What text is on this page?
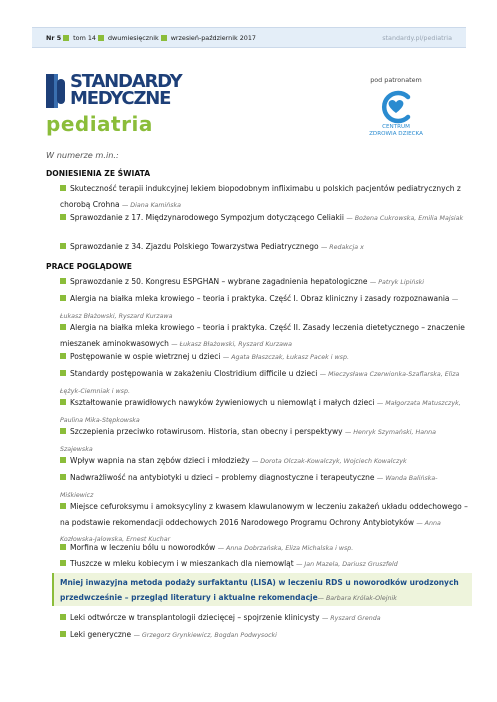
Nr 5 tom 14 dwumiesięcznik wrzesień-październik 2017	standardy.pl/pediatria
STANDARDY
MEDYCZNE
pediatria
pod patronatem
CENTRUM
ZDROWIA DZIECKA
W numerze m.in.:
DONIESIENIA ZE ŚWIATA
Skuteczność terapii indukcyjnej lekiem biopodobnym infliximabu u polskich pacjentów pediatrycznych z chorobą Crohna — Diana Kamińska
Sprawozdanie z 17. Międzynarodowego Sympozjum dotyczącego Celiakii — Bożena Cukrowska, Emilia Majsiak
Sprawozdanie z 34. Zjazdu Polskiego Towarzystwa Pediatrycznego — Redakcja x
PRACE POGLĄDOWE
Sprawozdanie z 50. Kongresu ESPGHAN – wybrane zagadnienia hepatologiczne — Patryk Lipiński
Alergia na białka mleka krowiego – teoria i praktyka. Część I. Obraz kliniczny i zasady rozpoznawania — Łukasz Błażowski, Ryszard Kurzawa
Alergia na białka mleka krowiego – teoria i praktyka. Część II. Zasady leczenia dietetycznego – znaczenie mieszanek aminokwasowych — Łukasz Błażowski, Ryszard Kurzawa
Postępowanie w ospie wietrznej u dzieci — Agata Błaszczak, Łukasz Pacek i wsp.
Standardy postępowania w zakażeniu Clostridium difficile u dzieci — Mieczysława Czerwionka-Szaflarska, Eliza Łężyk-Ciemniak i wsp.
Kształtowanie prawidłowych nawyków żywieniowych u niemowląt i małych dzieci — Małgorzata Matuszczyk, Paulina Mika-Stępkowska
Szczepienia przeciwko rotawirusom. Historia, stan obecny i perspektywy — Henryk Szymański, Hanna Szajewska
Wpływ wapnia na stan zębów dzieci i młodzieży — Dorota Olczak-Kowalczyk, Wojciech Kowalczyk
Nadwrażliwość na antybiotyki u dzieci – problemy diagnostyczne i terapeutyczne — Wanda Balińska-Miśkiewicz
Miejsce cefuroksymu i amoksycyliny z kwasem klawulanowym w leczeniu zakażeń układu oddechowego – na podstawie rekomendacji oddechowych 2016 Narodowego Programu Ochrony Antybiotyków — Anna Kozłowska-Jalowska, Ernest Kuchar
Morfina w leczeniu bólu u noworodków — Anna Dobrzańska, Eliza Michalska i wsp.
Tłuszcze w mleku kobiecym i w mieszankach dla niemowląt — Jan Mazela, Dariusz Gruszfeld
Mniej inwazyjna metoda podaży surfaktantu (LISA) w leczeniu RDS u noworodków urodzonych przedwcześnie – przegląd literatury i aktualne rekomendacje— Barbara Królak-Olejnik
Leki odtwórcze w transplantologii dziecięcej – spojrzenie klinicysty — Ryszard Grenda
Leki generyczne — Grzegorz Grynkiewicz, Bogdan Podwysocki
